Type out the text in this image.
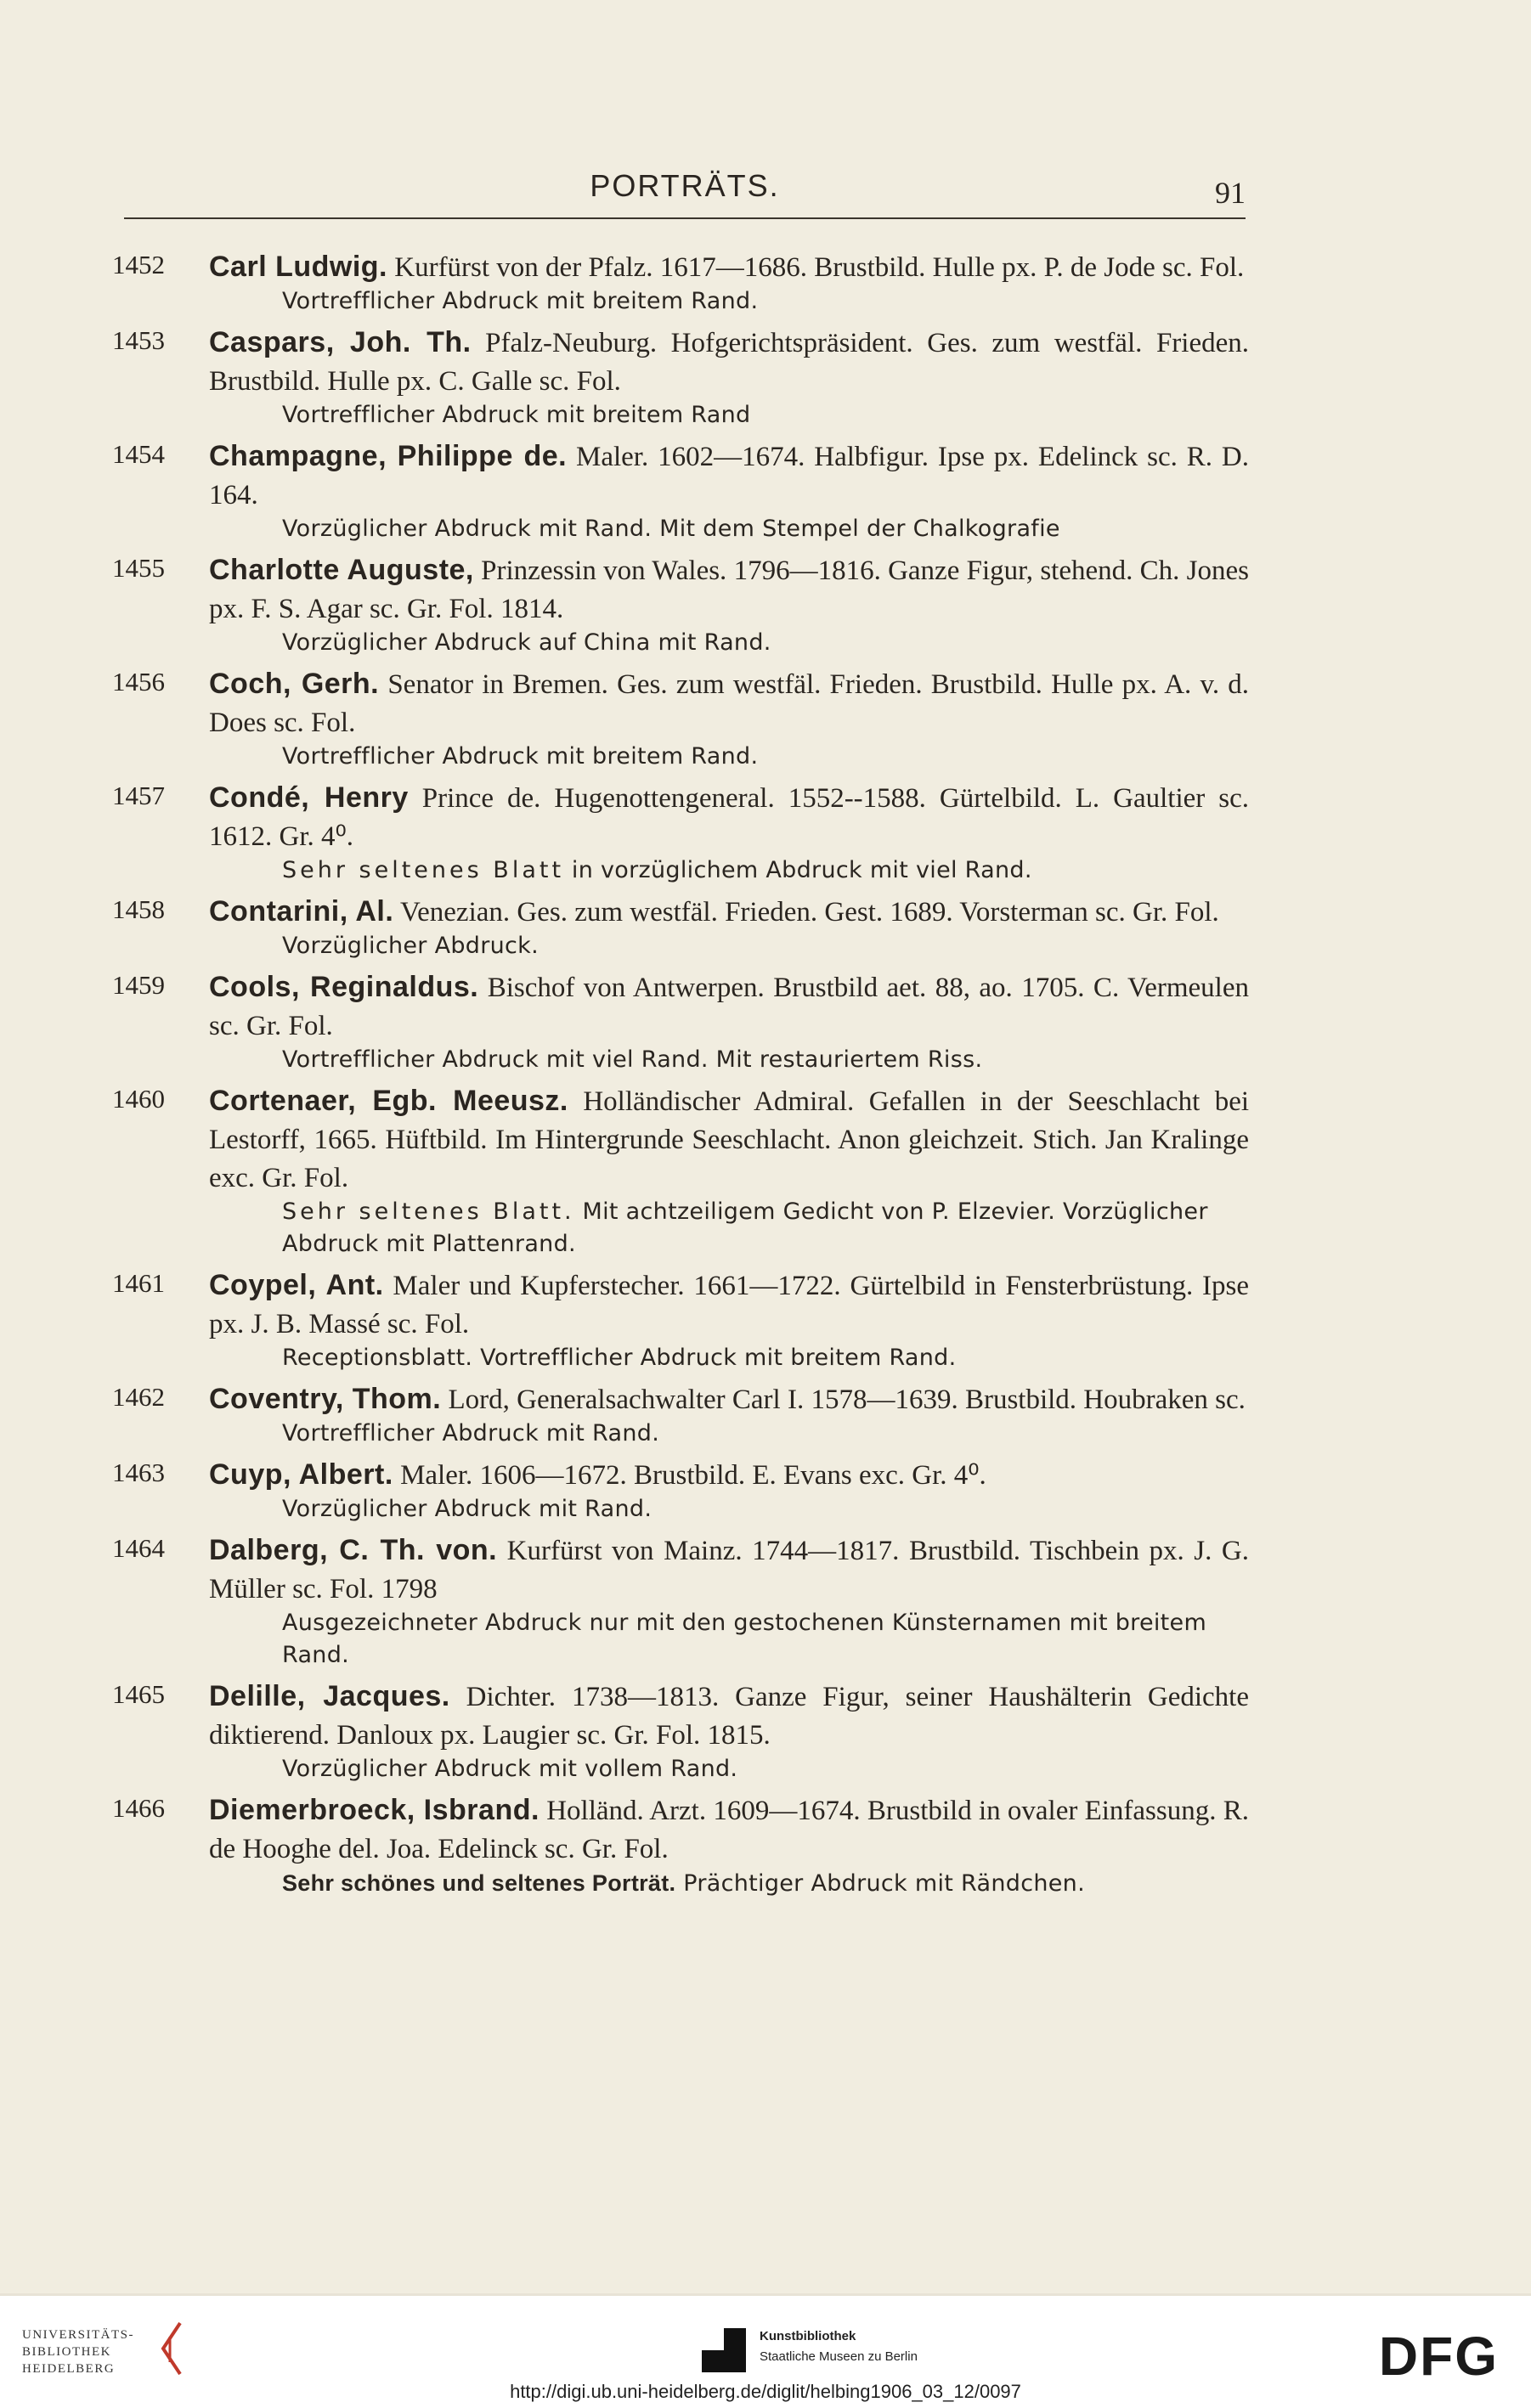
PORTRÄTS.	91
1452	Carl Ludwig. Kurfürst von der Pfalz. 1617—1686. Brustbild. Hulle px. P. de Jode sc. Fol.
Vortrefflicher Abdruck mit breitem Rand.
1453	Caspars, Joh. Th. Pfalz-Neuburg. Hofgerichtspräsident. Ges. zum westfäl. Frieden. Brustbild. Hulle px. C. Galle sc. Fol.
Vortrefflicher Abdruck mit breitem Rand
1454	Champagne, Philippe de. Maler. 1602—1674. Halbfigur. Ipse px. Edelinck sc. R. D. 164.
Vorzüglicher Abdruck mit Rand. Mit dem Stempel der Chalkografie
1455	Charlotte Auguste, Prinzessin von Wales. 1796—1816. Ganze Figur, stehend. Ch. Jones px. F. S. Agar sc. Gr. Fol. 1814.
Vorzüglicher Abdruck auf China mit Rand.
1456	Coch, Gerh. Senator in Bremen. Ges. zum westfäl. Frieden. Brustbild. Hulle px. A. v. d. Does sc. Fol.
Vortrefflicher Abdruck mit breitem Rand.
1457	Condé, Henry Prince de. Hugenottengeneral. 1552--1588. Gürtelbild. L. Gaultier sc. 1612. Gr. 4⁰.
Sehr seltenes Blatt in vorzüglichem Abdruck mit viel Rand.
1458	Contarini, Al. Venezian. Ges. zum westfäl. Frieden. Gest. 1689. Vorsterman sc. Gr. Fol.
Vorzüglicher Abdruck.
1459	Cools, Reginaldus. Bischof von Antwerpen. Brustbild aet. 88, ao. 1705. C. Vermeulen sc. Gr. Fol.
Vortrefflicher Abdruck mit viel Rand. Mit restauriertem Riss.
1460	Cortenaer, Egb. Meeusz. Holländischer Admiral. Gefallen in der Seeschlacht bei Lestorff, 1665. Hüftbild. Im Hintergrunde Seeschlacht. Anon gleichzeit. Stich. Jan Kralinge exc. Gr. Fol.
Sehr seltenes Blatt. Mit achtzeiligem Gedicht von P. Elzevier. Vorzüglicher Abdruck mit Plattenrand.
1461	Coypel, Ant. Maler und Kupferstecher. 1661—1722. Gürtelbild in Fensterbrüstung. Ipse px. J. B. Massé sc. Fol.
Receptionsblatt. Vortrefflicher Abdruck mit breitem Rand.
1462	Coventry, Thom. Lord, Generalsachwalter Carl I. 1578—1639. Brustbild. Houbraken sc.
Vortrefflicher Abdruck mit Rand.
1463	Cuyp, Albert. Maler. 1606—1672. Brustbild. E. Evans exc. Gr. 4⁰.
Vorzüglicher Abdruck mit Rand.
1464	Dalberg, C. Th. von. Kurfürst von Mainz. 1744—1817. Brustbild. Tischbein px. J. G. Müller sc. Fol. 1798
Ausgezeichneter Abdruck nur mit den gestochenen Künsternamen mit breitem Rand.
1465	Delille, Jacques. Dichter. 1738—1813. Ganze Figur, seiner Haushälterin Gedichte diktierend. Danloux px. Laugier sc. Gr. Fol. 1815.
Vorzüglicher Abdruck mit vollem Rand.
1466	Diemerbroeck, Isbrand. Holländ. Arzt. 1609—1674. Brustbild in ovaler Einfassung. R. de Hooghe del. Joa. Edelinck sc. Gr. Fol.
Sehr schönes und seltenes Porträt. Prächtiger Abdruck mit Rändchen.
UNIVERSITÄTS-
BIBLIOTHEK
HEIDELBERG
Kunstbibliothek
Staatliche Museen zu Berlin	DFG
http://digi.ub.uni-heidelberg.de/diglit/helbing1906_03_12/0097
